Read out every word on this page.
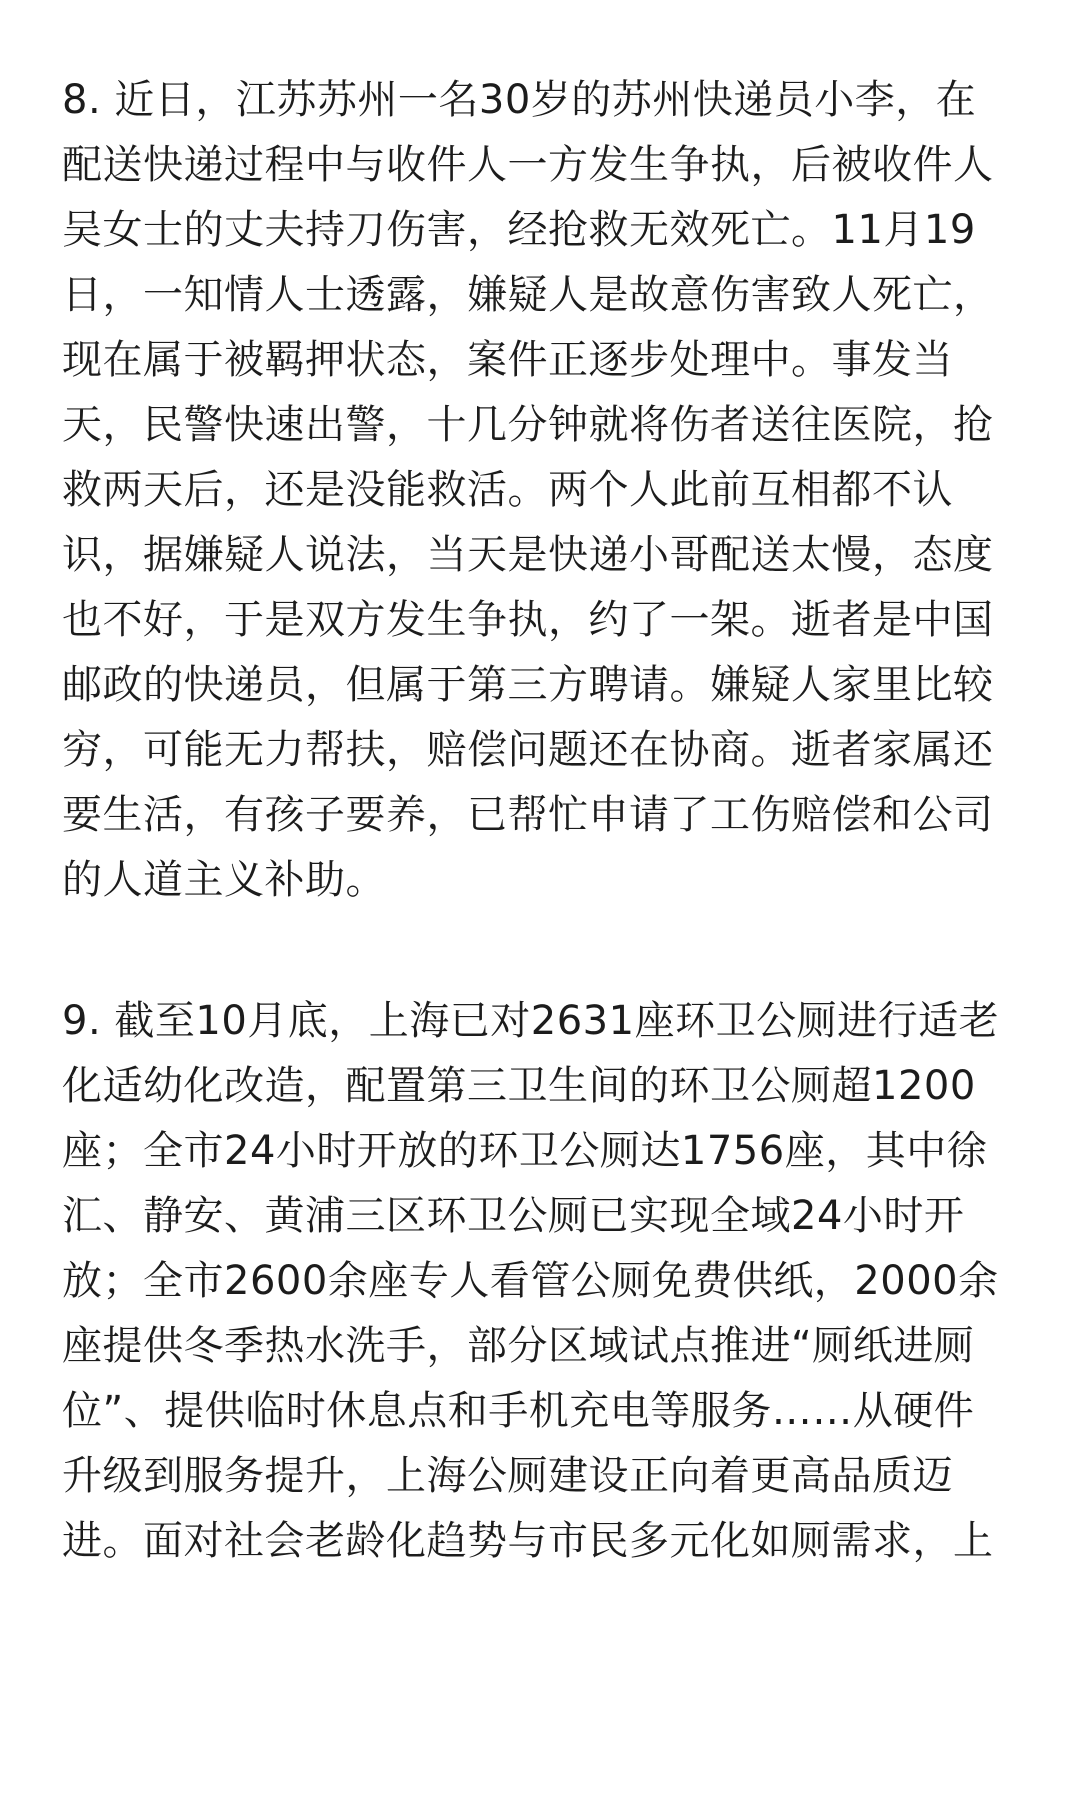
8. 近日，江苏苏州一名30岁的苏州快递员小李，在
配送快递过程中与收件人一方发生争执，后被收件人
吴女士的丈夫持刀伤害，经抢救无效死亡。11月19
日，一知情人士透露，嫌疑人是故意伤害致人死亡，
现在属于被羁押状态，案件正逐步处理中。事发当
天，民警快速出警，十几分钟就将伤者送往医院，抢
救两天后，还是没能救活。两个人此前互相都不认
识，据嫌疑人说法，当天是快递小哥配送太慢，态度
也不好，于是双方发生争执，约了一架。逝者是中国
邮政的快递员，但属于第三方聘请。嫌疑人家里比较
穷，可能无力帮扶，赔偿问题还在协商。逝者家属还
要生活，有孩子要养，已帮忙申请了工伤赔偿和公司
的人道主义补助。
9. 截至10月底，上海已对2631座环卫公厕进行适老
化适幼化改造，配置第三卫生间的环卫公厕超1200
座；全市24小时开放的环卫公厕达1756座，其中徐
汇、静安、黄浦三区环卫公厕已实现全域24小时开
放；全市2600余座专人看管公厕免费供纸，2000余
座提供冬季热水洗手，部分区域试点推进“厕纸进厕
位”、提供临时休息点和手机充电等服务……从硬件
升级到服务提升，上海公厕建设正向着更高品质迈
进。面对社会老龄化趋势与市民多元化如厕需求，上
